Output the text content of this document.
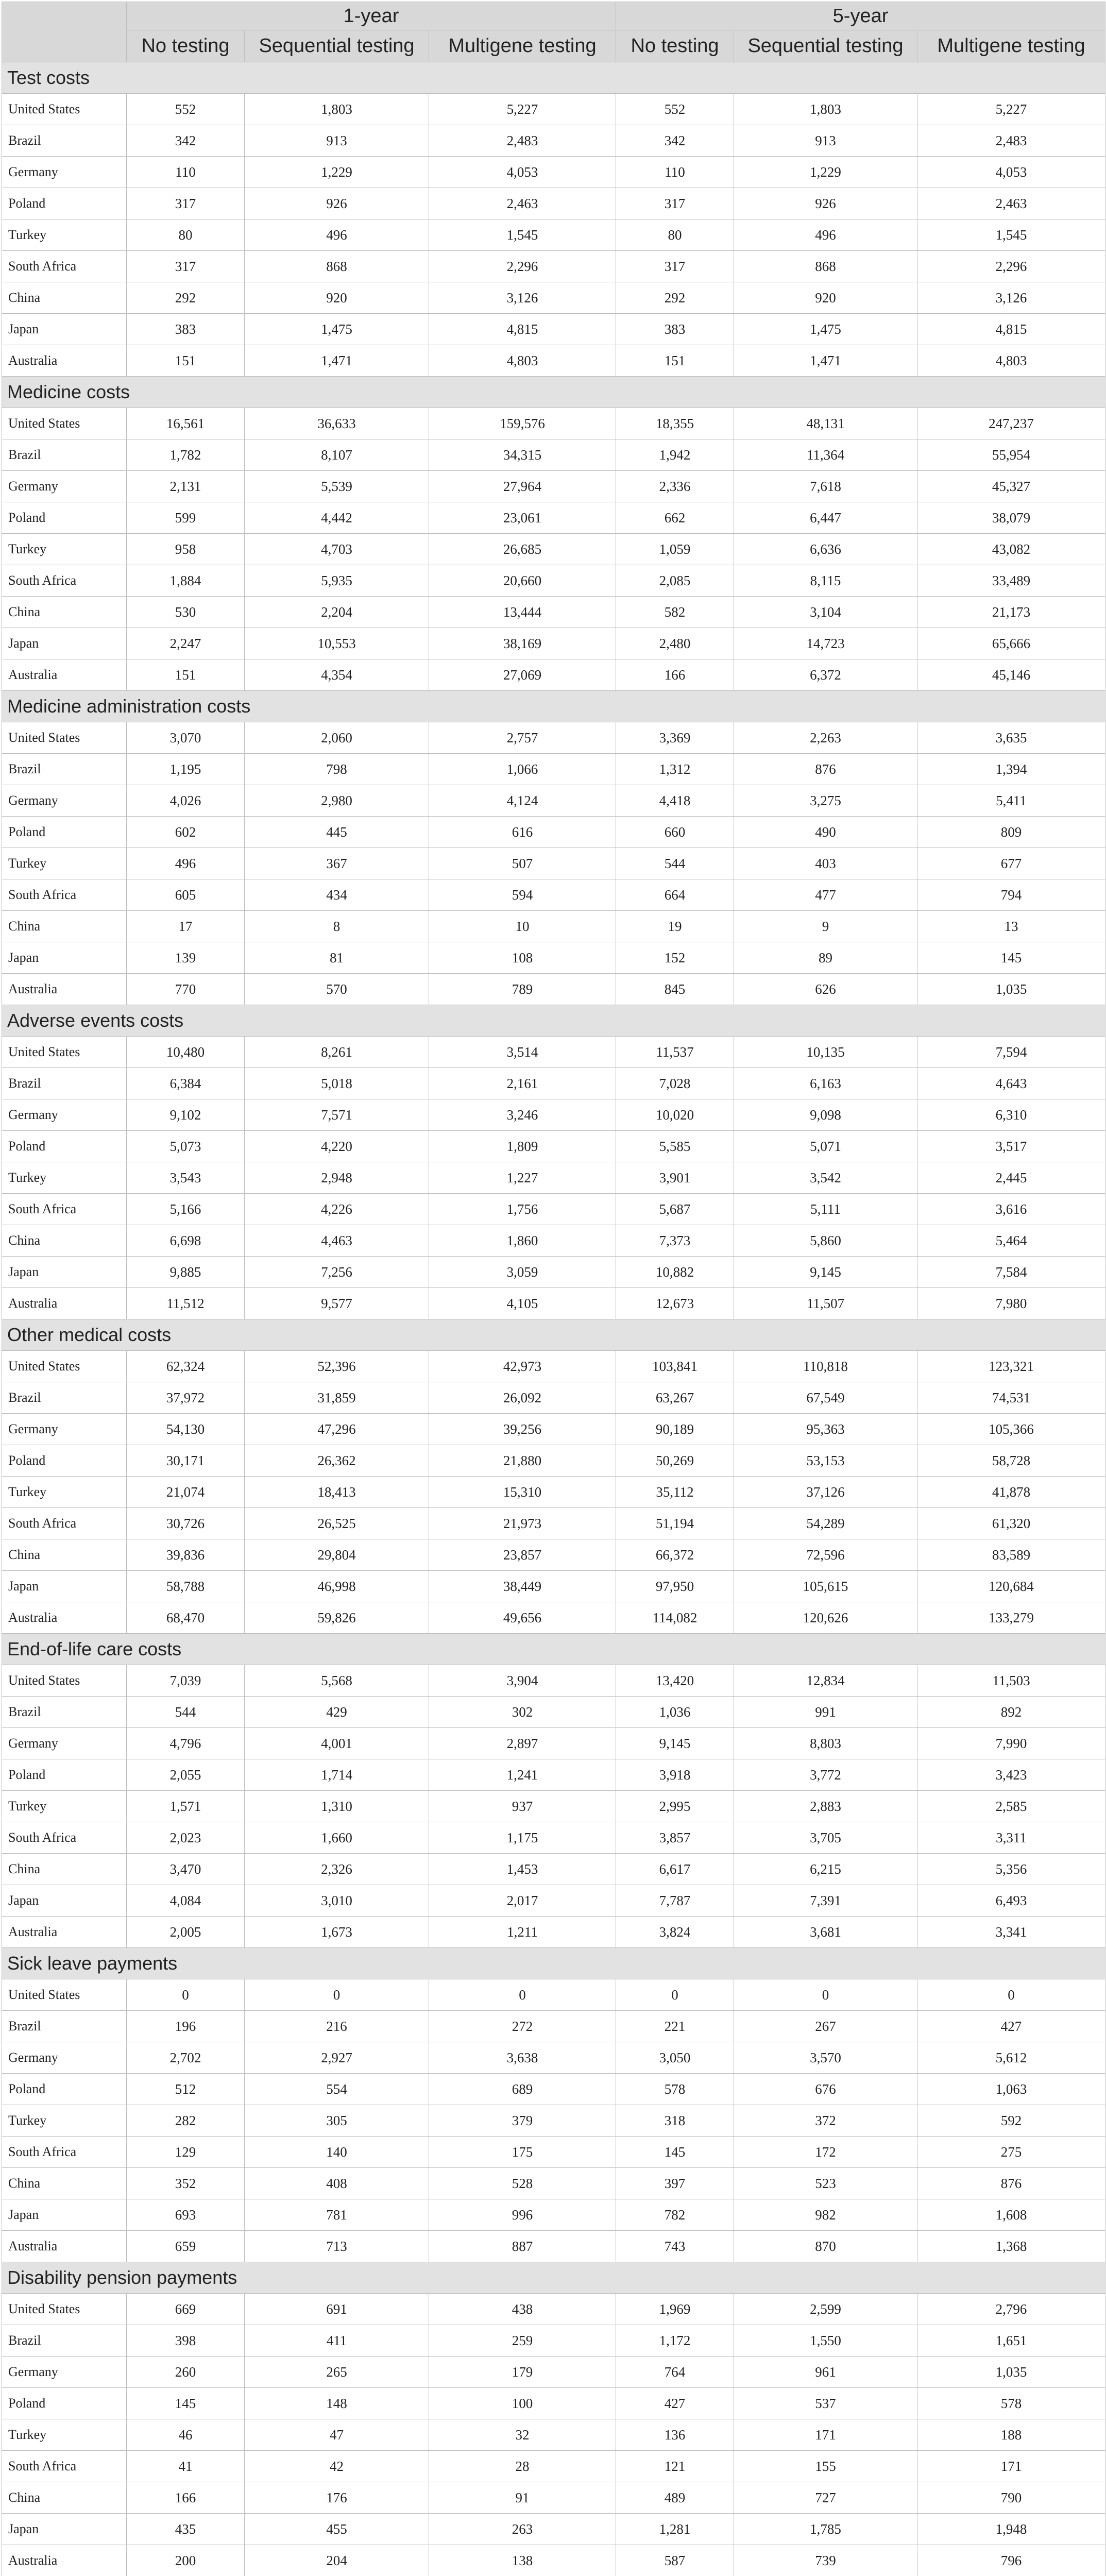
	1-year			5-year		
	No testing	Sequential testing	Multigene testing	No testing	Sequential testing	Multigene testing
Test costs						
United States	552	1,803	5,227	552	1,803	5,227
Brazil	342	913	2,483	342	913	2,483
Germany	110	1,229	4,053	110	1,229	4,053
Poland	317	926	2,463	317	926	2,463
Turkey	80	496	1,545	80	496	1,545
South Africa	317	868	2,296	317	868	2,296
China	292	920	3,126	292	920	3,126
Japan	383	1,475	4,815	383	1,475	4,815
Australia	151	1,471	4,803	151	1,471	4,803
Medicine costs						
United States	16,561	36,633	159,576	18,355	48,131	247,237
Brazil	1,782	8,107	34,315	1,942	11,364	55,954
Germany	2,131	5,539	27,964	2,336	7,618	45,327
Poland	599	4,442	23,061	662	6,447	38,079
Turkey	958	4,703	26,685	1,059	6,636	43,082
South Africa	1,884	5,935	20,660	2,085	8,115	33,489
China	530	2,204	13,444	582	3,104	21,173
Japan	2,247	10,553	38,169	2,480	14,723	65,666
Australia	151	4,354	27,069	166	6,372	45,146
Medicine administration costs						
United States	3,070	2,060	2,757	3,369	2,263	3,635
Brazil	1,195	798	1,066	1,312	876	1,394
Germany	4,026	2,980	4,124	4,418	3,275	5,411
Poland	602	445	616	660	490	809
Turkey	496	367	507	544	403	677
South Africa	605	434	594	664	477	794
China	17	8	10	19	9	13
Japan	139	81	108	152	89	145
Australia	770	570	789	845	626	1,035
Adverse events costs						
United States	10,480	8,261	3,514	11,537	10,135	7,594
Brazil	6,384	5,018	2,161	7,028	6,163	4,643
Germany	9,102	7,571	3,246	10,020	9,098	6,310
Poland	5,073	4,220	1,809	5,585	5,071	3,517
Turkey	3,543	2,948	1,227	3,901	3,542	2,445
South Africa	5,166	4,226	1,756	5,687	5,111	3,616
China	6,698	4,463	1,860	7,373	5,860	5,464
Japan	9,885	7,256	3,059	10,882	9,145	7,584
Australia	11,512	9,577	4,105	12,673	11,507	7,980
Other medical costs						
United States	62,324	52,396	42,973	103,841	110,818	123,321
Brazil	37,972	31,859	26,092	63,267	67,549	74,531
Germany	54,130	47,296	39,256	90,189	95,363	105,366
Poland	30,171	26,362	21,880	50,269	53,153	58,728
Turkey	21,074	18,413	15,310	35,112	37,126	41,878
South Africa	30,726	26,525	21,973	51,194	54,289	61,320
China	39,836	29,804	23,857	66,372	72,596	83,589
Japan	58,788	46,998	38,449	97,950	105,615	120,684
Australia	68,470	59,826	49,656	114,082	120,626	133,279
End-of-life care costs						
United States	7,039	5,568	3,904	13,420	12,834	11,503
Brazil	544	429	302	1,036	991	892
Germany	4,796	4,001	2,897	9,145	8,803	7,990
Poland	2,055	1,714	1,241	3,918	3,772	3,423
Turkey	1,571	1,310	937	2,995	2,883	2,585
South Africa	2,023	1,660	1,175	3,857	3,705	3,311
China	3,470	2,326	1,453	6,617	6,215	5,356
Japan	4,084	3,010	2,017	7,787	7,391	6,493
Australia	2,005	1,673	1,211	3,824	3,681	3,341
Sick leave payments						
United States	0	0	0	0	0	0
Brazil	196	216	272	221	267	427
Germany	2,702	2,927	3,638	3,050	3,570	5,612
Poland	512	554	689	578	676	1,063
Turkey	282	305	379	318	372	592
South Africa	129	140	175	145	172	275
China	352	408	528	397	523	876
Japan	693	781	996	782	982	1,608
Australia	659	713	887	743	870	1,368
Disability pension payments						
United States	669	691	438	1,969	2,599	2,796
Brazil	398	411	259	1,172	1,550	1,651
Germany	260	265	179	764	961	1,035
Poland	145	148	100	427	537	578
Turkey	46	47	32	136	171	188
South Africa	41	42	28	121	155	171
China	166	176	91	489	727	790
Japan	435	455	263	1,281	1,785	1,948
Australia	200	204	138	587	739	796
